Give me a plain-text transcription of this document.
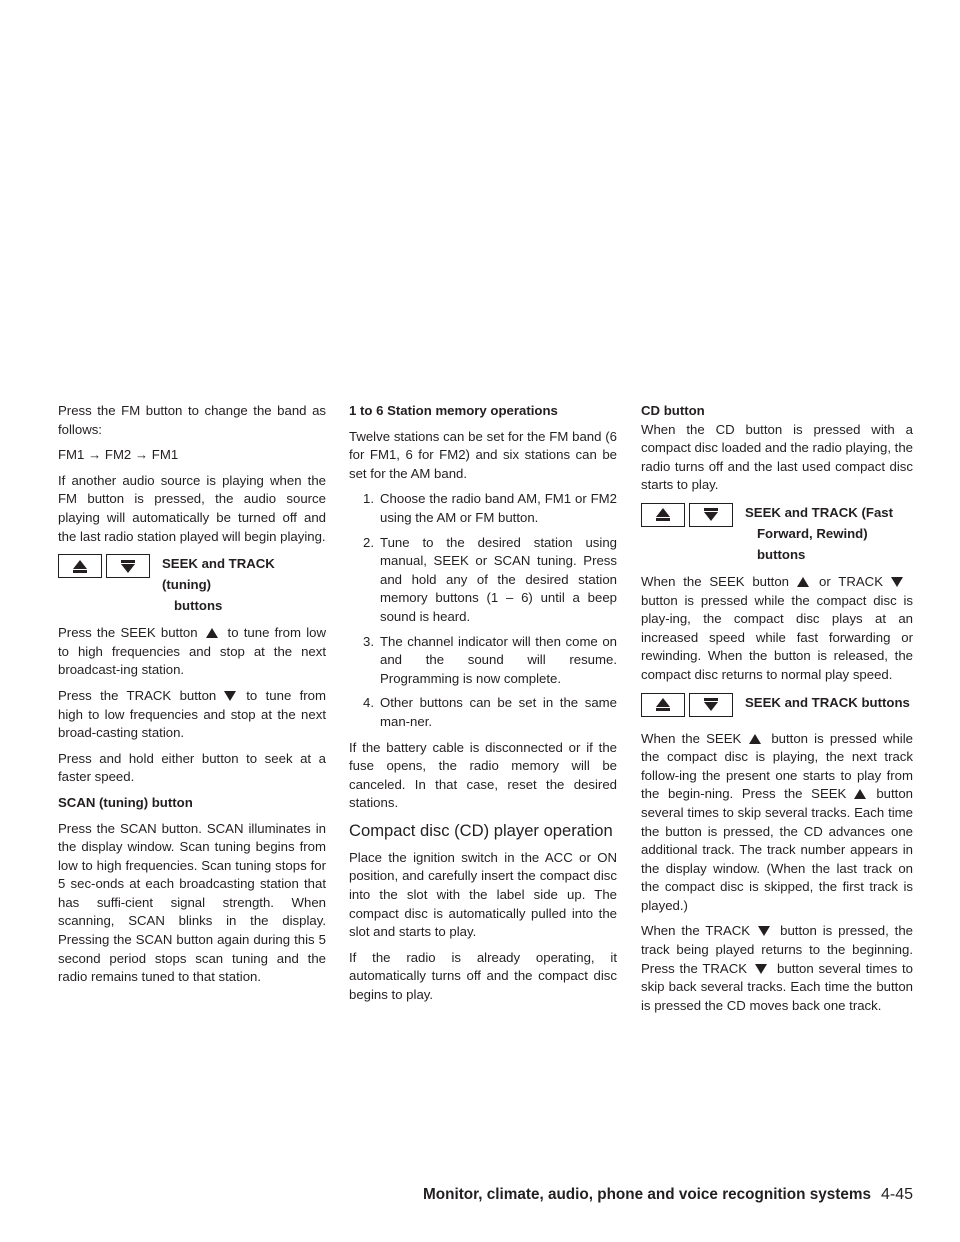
Press the FM button to change the band as follows:

FM1 → FM2 → FM1

If another audio source is playing when the FM button is pressed, the audio source playing will automatically be turned off and the last radio station played will begin playing.

SEEK and TRACK (tuning)
buttons

Press the SEEK button to tune from low to high frequencies and stop at the next broadcast-ing station.

Press the TRACK button to tune from high to low frequencies and stop at the next broad-casting station.

Press and hold either button to seek at a faster speed.

SCAN (tuning) button

Press the SCAN button. SCAN illuminates in the display window. Scan tuning begins from low to high frequencies. Scan tuning stops for 5 sec-onds at each broadcasting station that has suffi-cient signal strength. When scanning, SCAN blinks in the display. Pressing the SCAN button again during this 5 second period stops scan tuning and the radio remains tuned to that station.

1 to 6 Station memory operations

Twelve stations can be set for the FM band (6 for FM1, 6 for FM2) and six stations can be set for the AM band.

1. Choose the radio band AM, FM1 or FM2 using the AM or FM button.
2. Tune to the desired station using manual, SEEK or SCAN tuning. Press and hold any of the desired station memory buttons (1 – 6) until a beep sound is heard.
3. The channel indicator will then come on and the sound will resume. Programming is now complete.
4. Other buttons can be set in the same man-ner.

If the battery cable is disconnected or if the fuse opens, the radio memory will be canceled. In that case, reset the desired stations.

Compact disc (CD) player operation

Place the ignition switch in the ACC or ON position, and carefully insert the compact disc into the slot with the label side up. The compact disc is automatically pulled into the slot and starts to play.

If the radio is already operating, it automatically turns off and the compact disc begins to play.

CD button

When the CD button is pressed with a compact disc loaded and the radio playing, the radio turns off and the last used compact disc starts to play.

SEEK and TRACK (Fast
Forward, Rewind) buttons

When the SEEK button or TRACKbutton is pressed while the compact disc is play-ing, the compact disc plays at an increased speed while fast forwarding or rewinding. When the button is released, the compact disc returns to normal play speed.

SEEK and TRACK buttons

When the SEEK button is pressed while the compact disc is playing, the next track follow-ing the present one starts to play from the begin-ning. Press the SEEK button several times to skip several tracks. Each time the button is pressed, the CD advances one additional track. The track number appears in the display window. (When the last track on the compact disc is skipped, the first track is played.)

When the TRACK button is pressed, the track being played returns to the beginning. Press the TRACK button several times to skip back several tracks. Each time the button is pressed the CD moves back one track.

Monitor, climate, audio, phone and voice recognition systems 4-45
